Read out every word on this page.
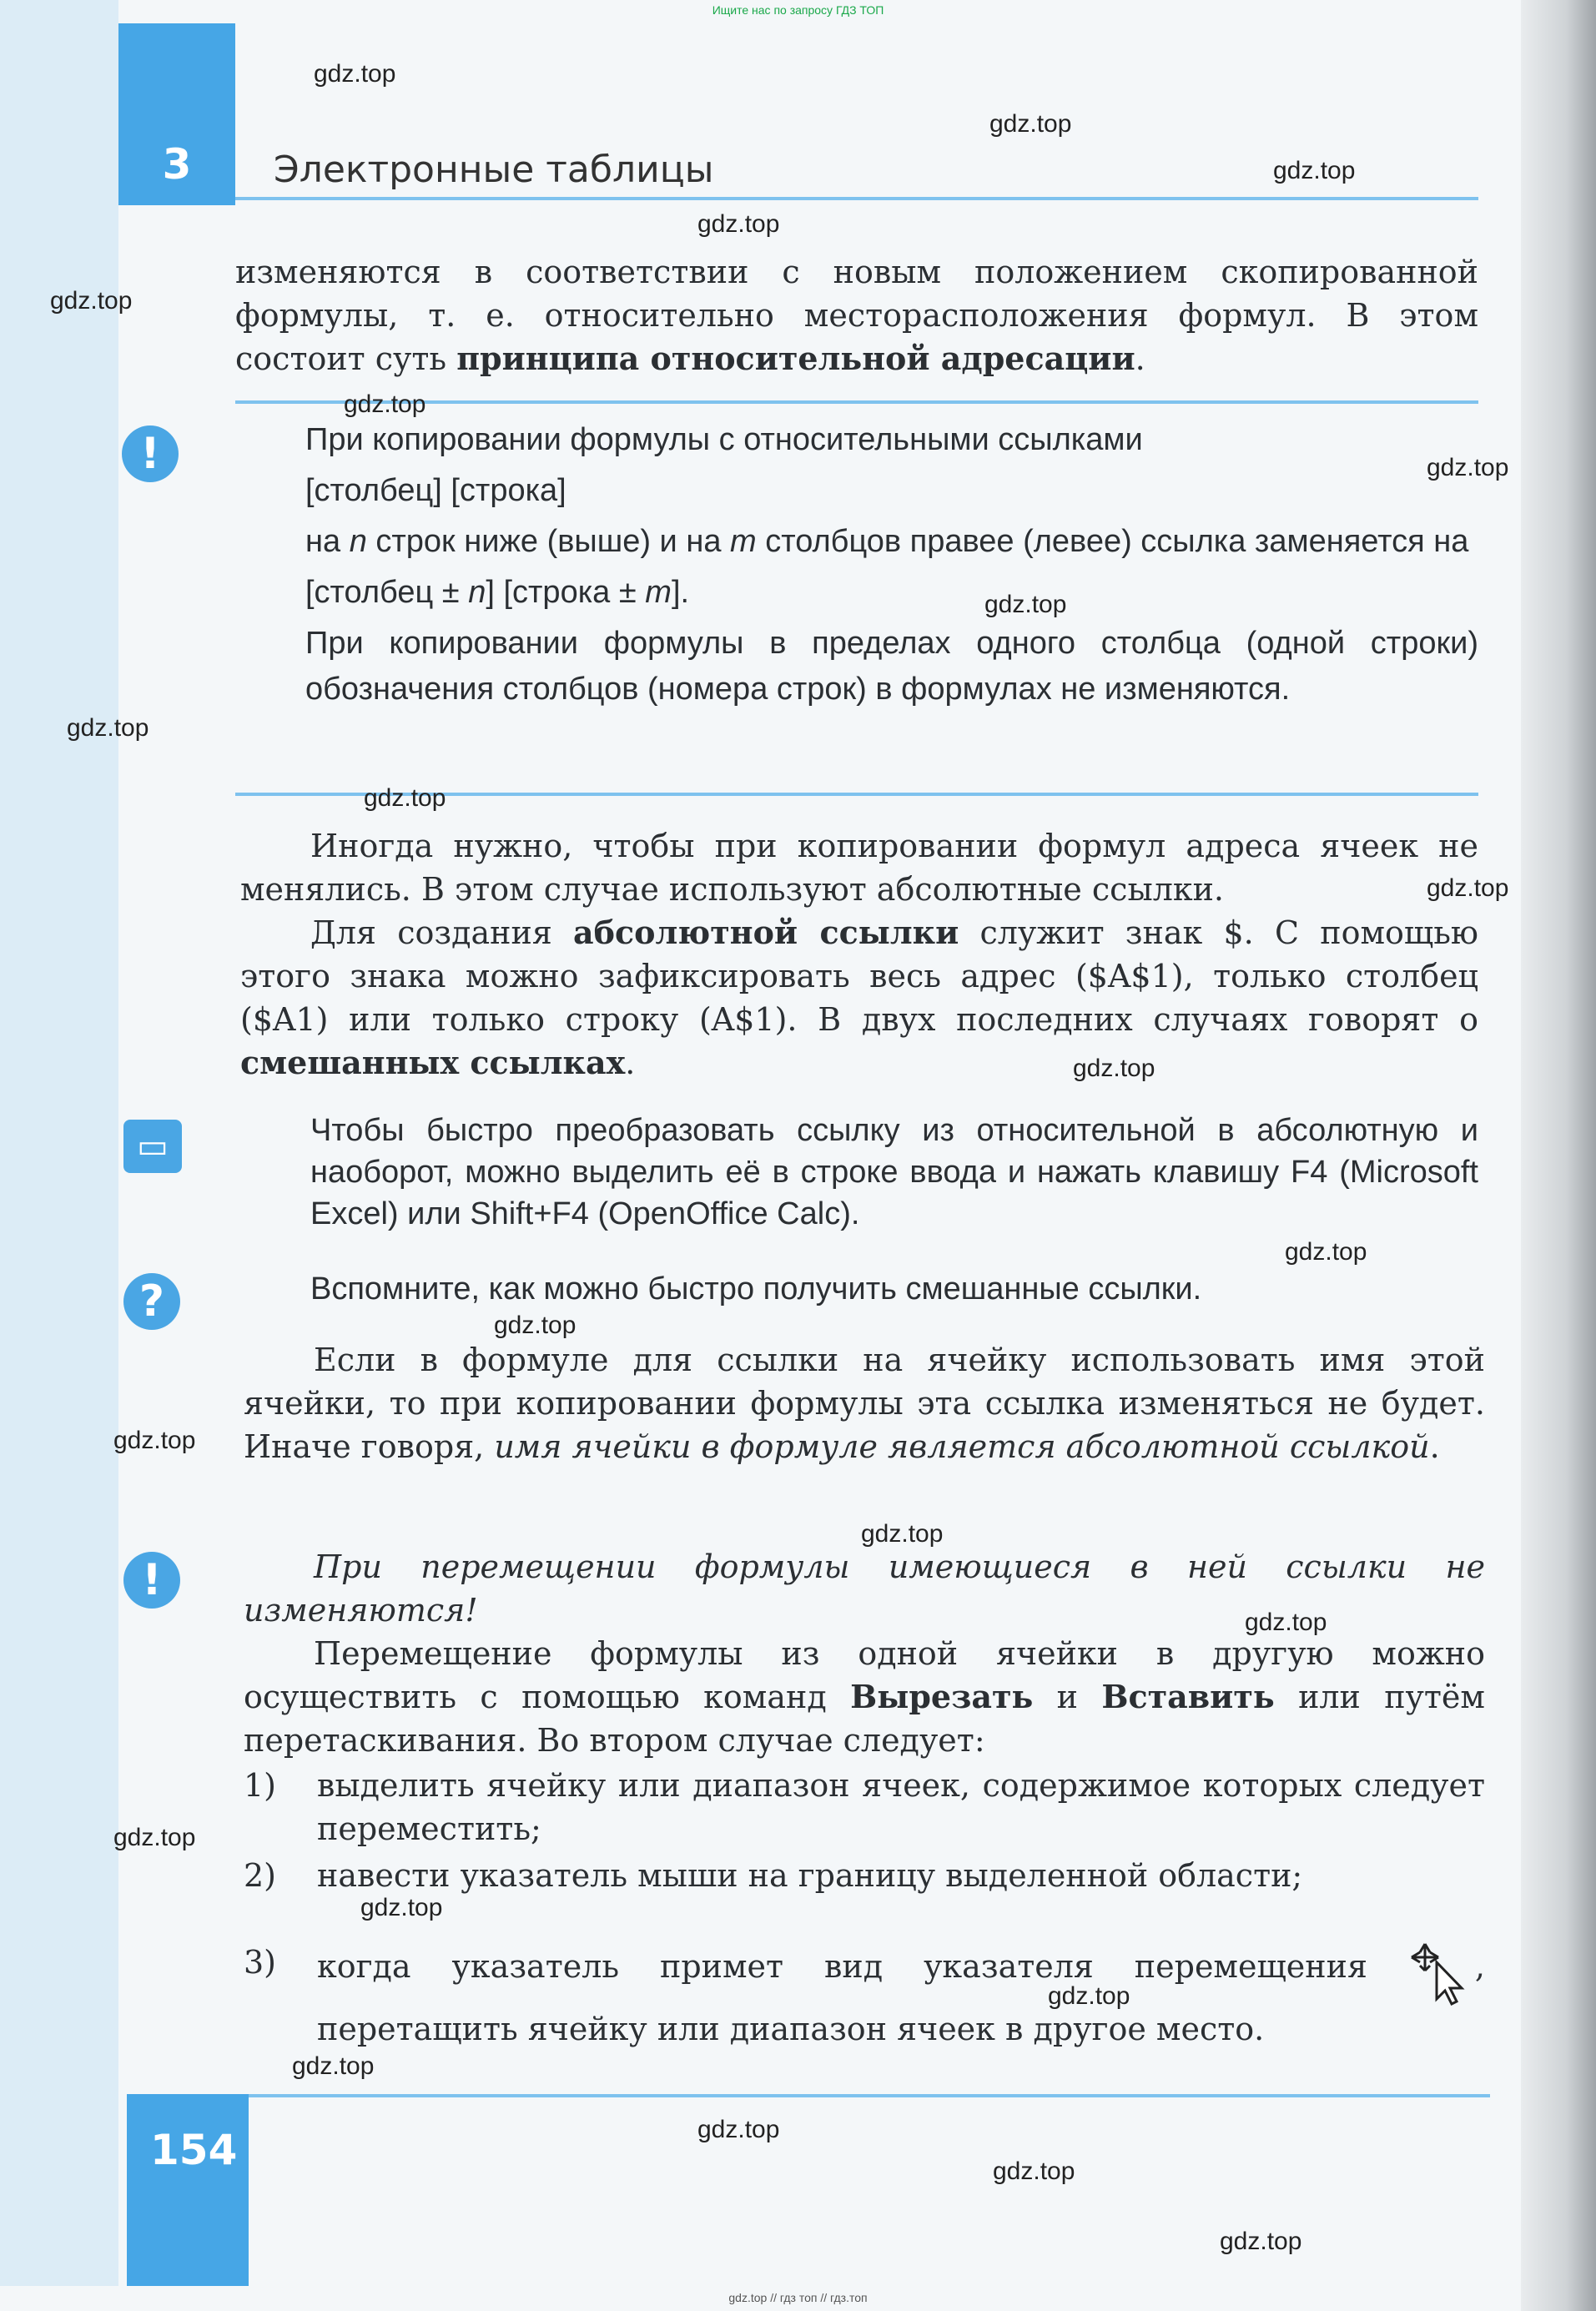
Ищите нас по запросу ГДЗ ТОП
3	Электронные таблицы

изменяются в соответствии с новым положением скопированной формулы, т. е. относительно месторасположения формул. В этом состоит суть принципа относительной адресации.

!	При копировании формулы с относительными ссылками

[столбец] [строка]

на n строк ниже (выше) и на m столбцов правее (левее) ссылка заменяется на

[столбец ± n] [строка ± m].

При копировании формулы в пределах одного столбца (одной строки) обозначения столбцов (номера строк) в формулах не изменяются.

Иногда нужно, чтобы при копировании формул адреса ячеек не менялись. В этом случае используют абсолютные ссылки.

Для создания абсолютной ссылки служит знак $. С помощью этого знака можно зафиксировать весь адрес ($A$1), только столбец ($A1) или только строку (A$1). В двух последних случаях говорят о смешанных ссылках.

▭	Чтобы быстро преобразовать ссылку из относительной в абсолютную и наоборот, можно выделить её в строке ввода и нажать клавишу F4 (Microsoft Excel) или Shift+F4 (OpenOffice Calc).
?	Вспомните, как можно быстро получить смешанные ссылки.

Если в формуле для ссылки на ячейку использовать имя этой ячейки, то при копировании формулы эта ссылка изменяться не будет. Иначе говоря, имя ячейки в формуле является абсолютной ссылкой.

!	При перемещении формулы имеющиеся в ней ссылки не изменяются!

Перемещение формулы из одной ячейки в другую можно осуществить с помощью команд Вырезать и Вставить или путём перетаскивания. Во втором случае следует:

1)	выделить ячейку или диапазон ячеек, содержимое которых следует переместить;
2)	навести указатель мыши на границу выделенной области;
3)	когда указатель примет вид указателя перемещения	, перетащить ячейку или диапазон ячеек в другое место.
154
gdz.top
gdz.top
gdz.top
gdz.top
gdz.top
gdz.top
gdz.top
gdz.top
gdz.top
gdz.top
gdz.top
gdz.top
gdz.top
gdz.top
gdz.top
gdz.top
gdz.top
gdz.top
gdz.top
gdz.top
gdz.top
gdz.top
gdz.top
gdz.top
gdz.top // гдз топ // гдз.топ
